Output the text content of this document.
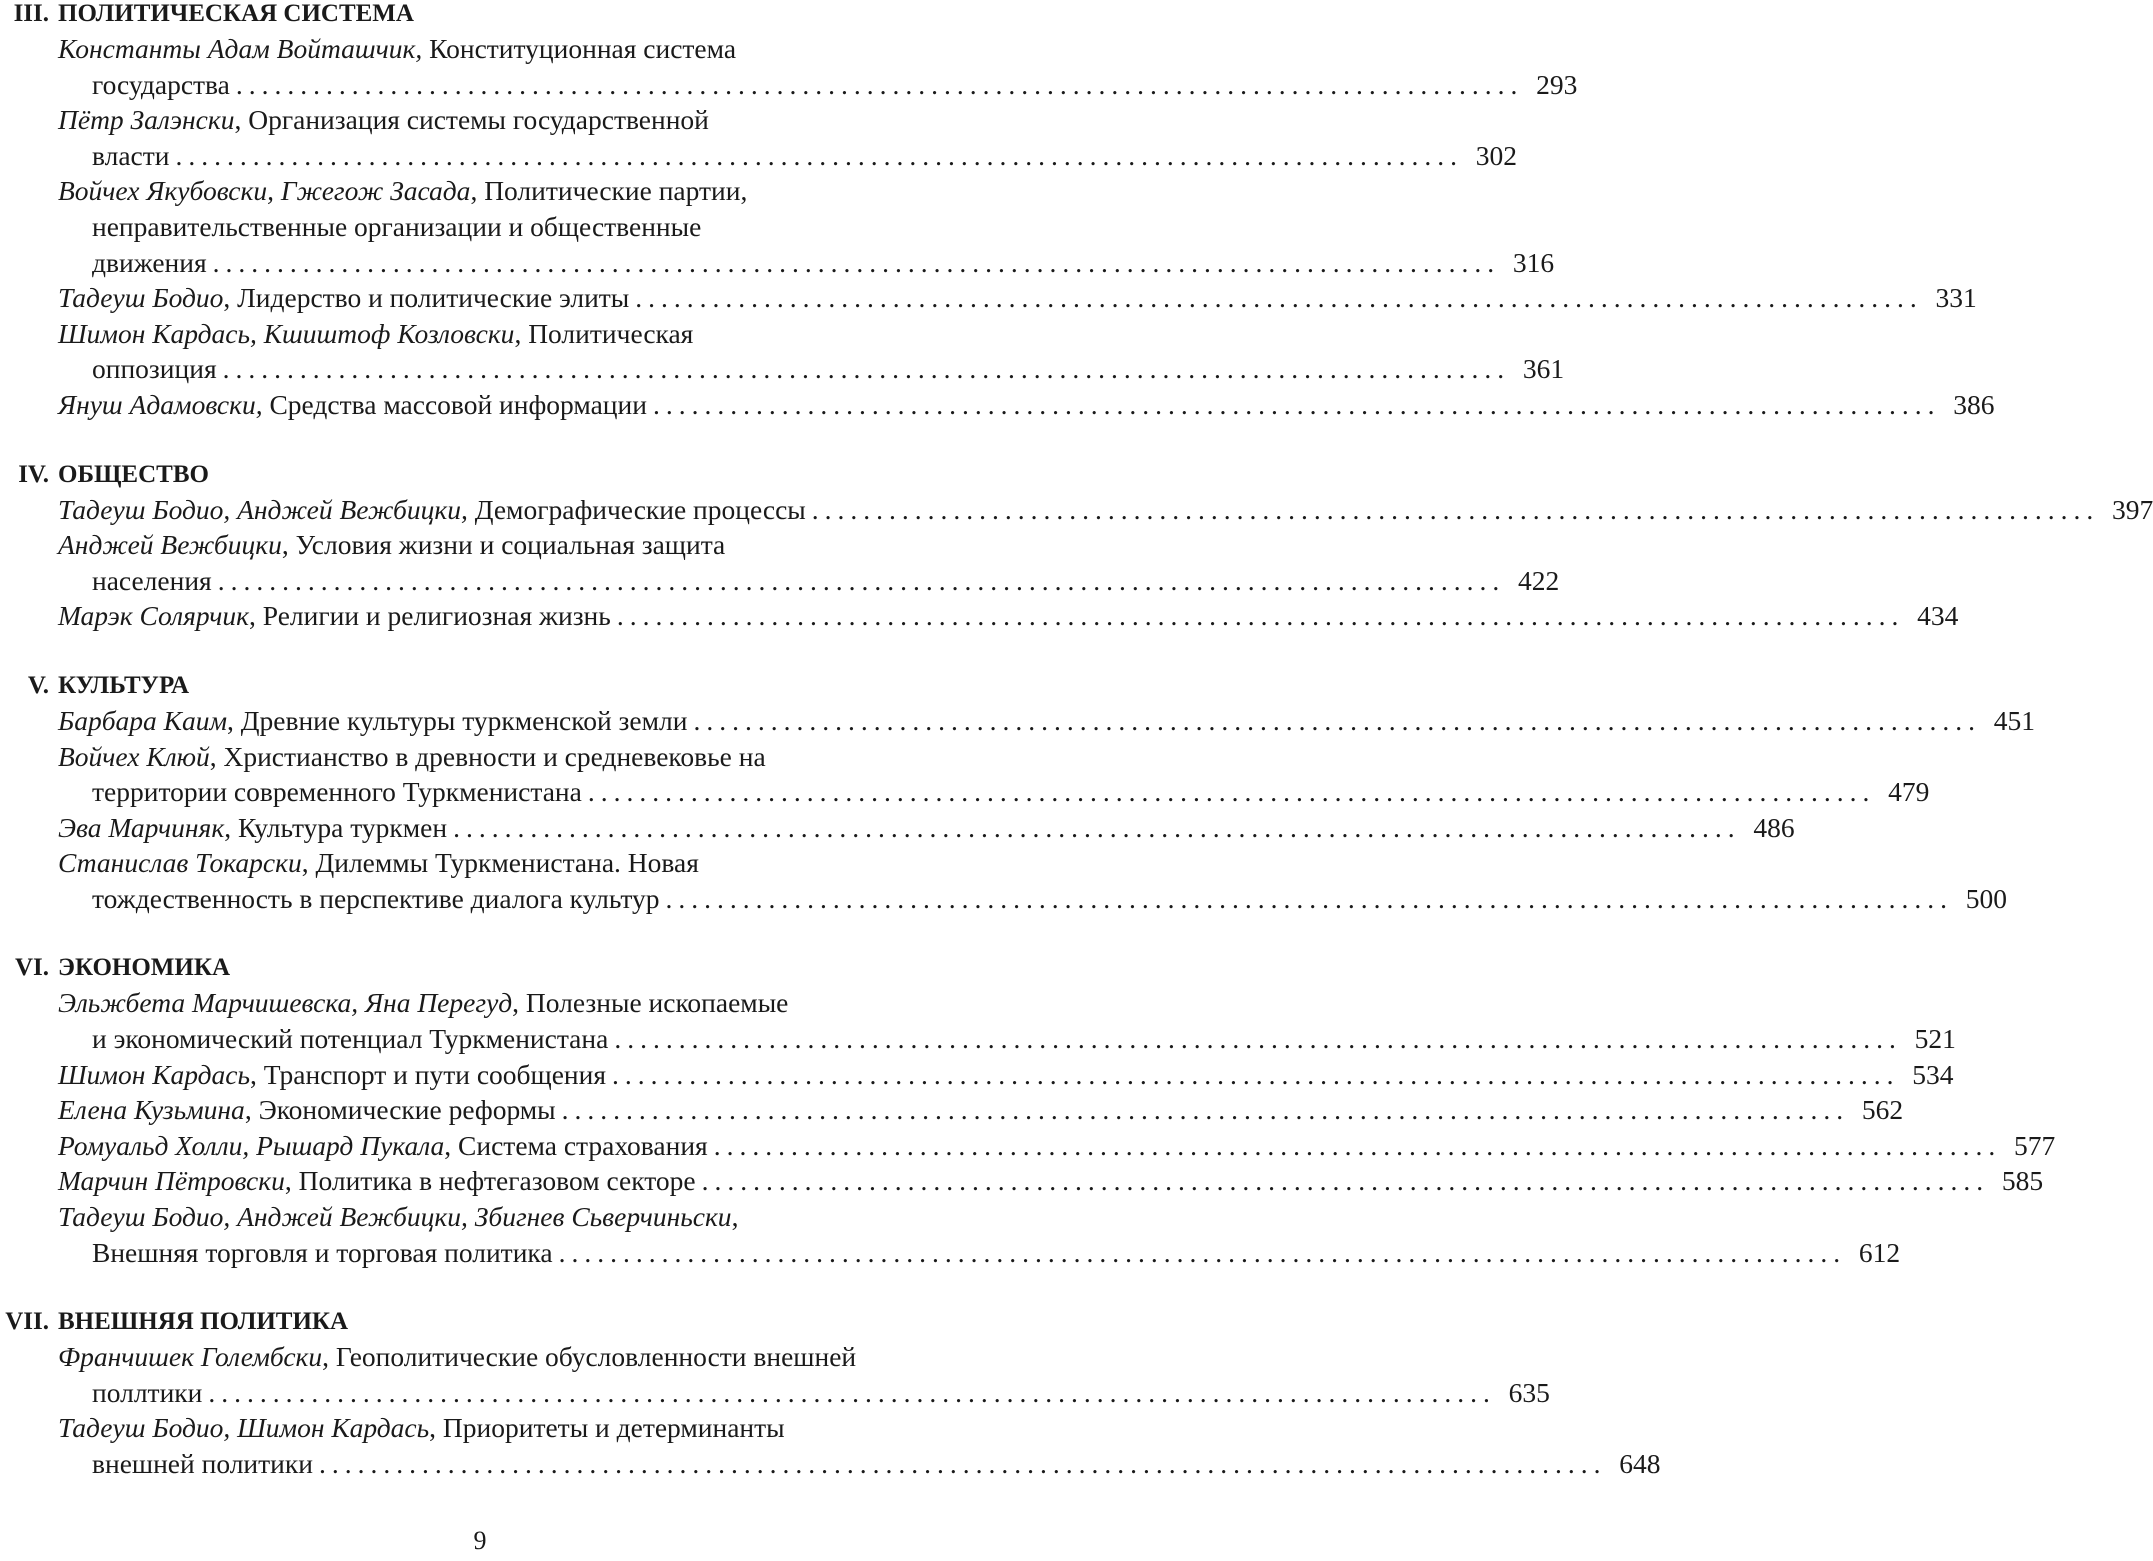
III. ПОЛИТИЧЕСКАЯ СИСТЕМА
Константы Адам Войташчик, Конституционная система
государства .................................................................................................... 293
Пётр Залэнски, Организация системы государственной
власти .................................................................................................... 302
Войчех Якубовски, Гжегож Засада, Политические партии,
неправительственные организации и общественные
движения .................................................................................................... 316
Тадеуш Бодио, Лидерство и политические элиты .................................................................................................... 331
Шимон Кардась, Кшиштоф Козловски, Политическая
оппозиция .................................................................................................... 361
Януш Адамовски, Средства массовой информации .................................................................................................... 386
IV. ОБЩЕСТВО
Тадеуш Бодио, Анджей Вежбицки, Демографические процессы .................................................................................................... 397
Анджей Вежбицки, Условия жизни и социальная защита
населения .................................................................................................... 422
Марэк Солярчик, Религии и религиозная жизнь .................................................................................................... 434
V. КУЛЬТУРА
Барбара Каим, Древние культуры туркменской земли .................................................................................................... 451
Войчех Клюй, Христианство в древности и средневековье на
территории современного Туркменистана .................................................................................................... 479
Эва Марчиняк, Культура туркмен .................................................................................................... 486
Станислав Токарски, Дилеммы Туркменистана. Новая
тождественность в перспективе диалога культур .................................................................................................... 500
VI. ЭКОНОМИКА
Эльжбета Марчишевска, Яна Перегуд, Полезные ископаемые
и экономический потенциал Туркменистана .................................................................................................... 521
Шимон Кардась, Транспорт и пути сообщения .................................................................................................... 534
Елена Кузьмина, Экономические реформы .................................................................................................... 562
Ромуальд Холли, Рышард Пукала, Система страхования .................................................................................................... 577
Марчин Пётровски, Политика в нефтегазовом секторе .................................................................................................... 585
Тадеуш Бодио, Анджей Вежбицки, Збигнев Сьверчиньски,
Внешняя торговля и торговая политика .................................................................................................... 612
VII. ВНЕШНЯЯ ПОЛИТИКА
Франчишек Голембски, Геополитические обусловленности внешней
поллтики .................................................................................................... 635
Тадеуш Бодио, Шимон Кардась, Приоритеты и детерминанты
внешней политики .................................................................................................... 648
9
